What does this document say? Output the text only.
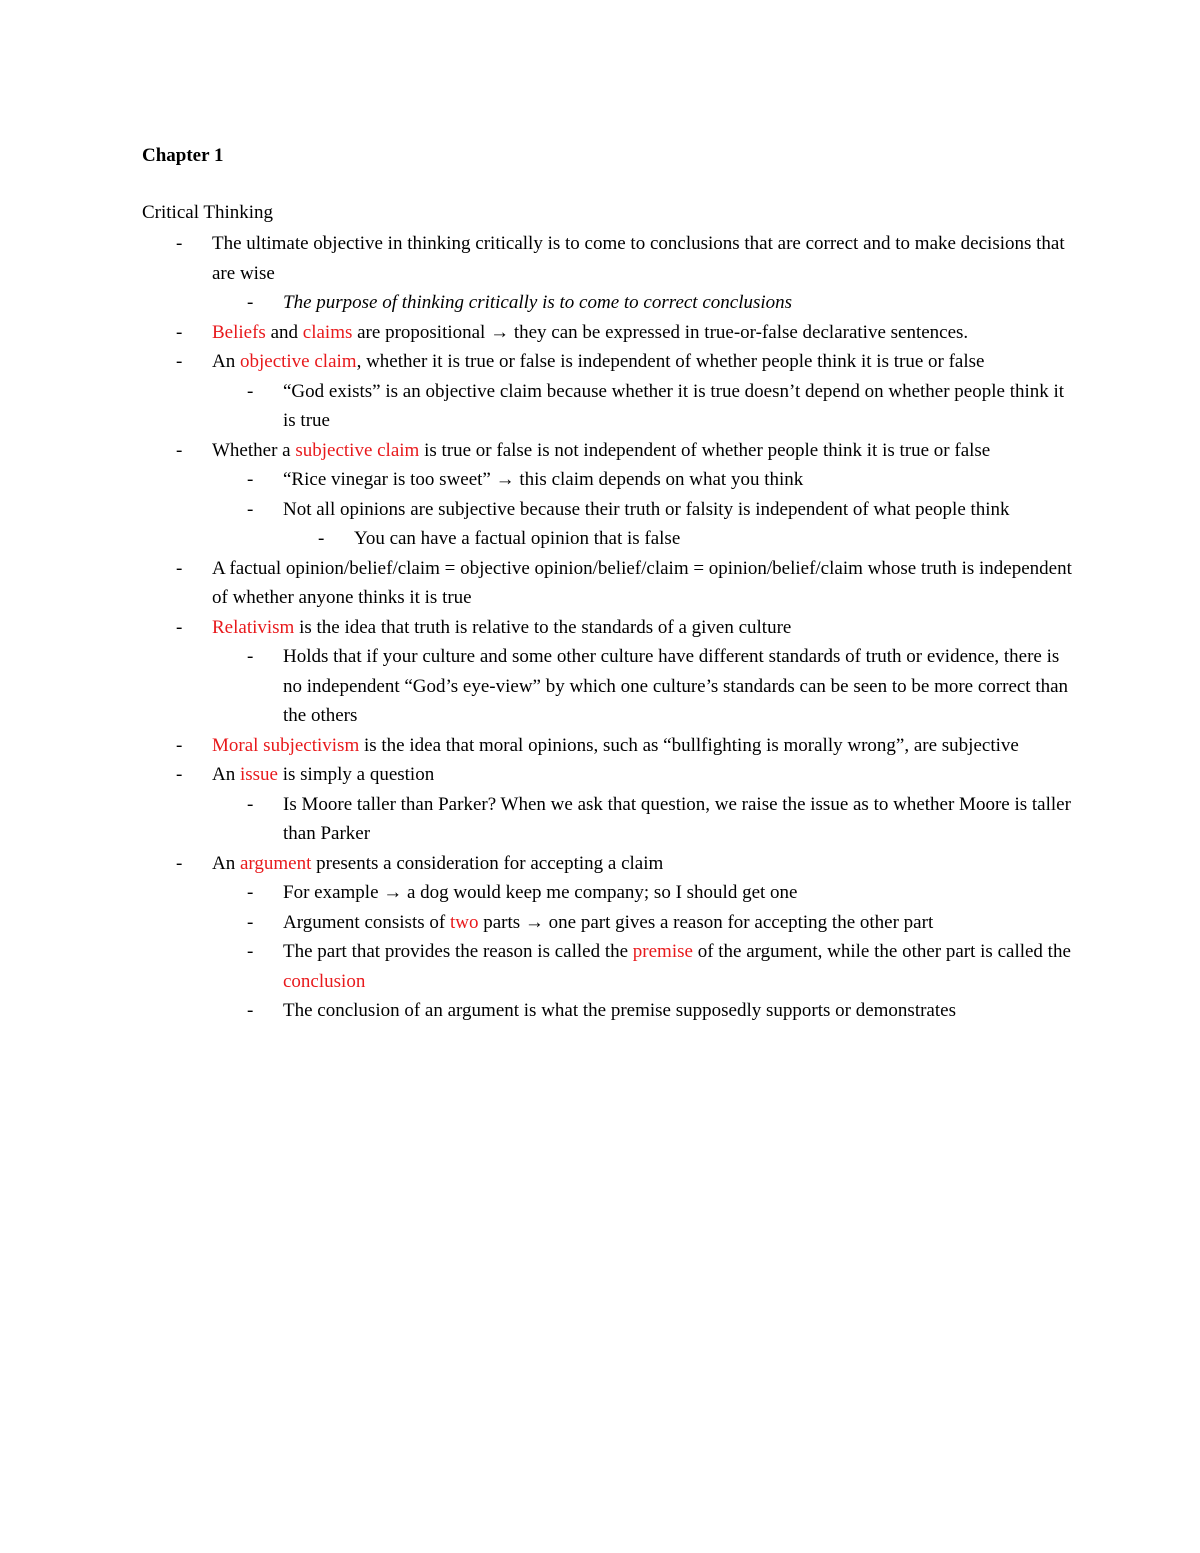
Chapter 1
Critical Thinking
- The ultimate objective in thinking critically is to come to conclusions that are correct and to make decisions that are wise
- The purpose of thinking critically is to come to correct conclusions
- Beliefs and claims are propositional → they can be expressed in true-or-false declarative sentences.
- An objective claim, whether it is true or false is independent of whether people think it is true or false
- “God exists” is an objective claim because whether it is true doesn’t depend on whether people think it is true
- Whether a subjective claim is true or false is not independent of whether people think it is true or false
- “Rice vinegar is too sweet” → this claim depends on what you think
- Not all opinions are subjective because their truth or falsity is independent of what people think
- You can have a factual opinion that is false
- A factual opinion/belief/claim = objective opinion/belief/claim = opinion/belief/claim whose truth is independent of whether anyone thinks it is true
- Relativism is the idea that truth is relative to the standards of a given culture
- Holds that if your culture and some other culture have different standards of truth or evidence, there is no independent “God’s eye-view” by which one culture’s standards can be seen to be more correct than the others
- Moral subjectivism is the idea that moral opinions, such as “bullfighting is morally wrong”, are subjective
- An issue is simply a question
- Is Moore taller than Parker? When we ask that question, we raise the issue as to whether Moore is taller than Parker
- An argument presents a consideration for accepting a claim
- For example → a dog would keep me company; so I should get one
- Argument consists of two parts → one part gives a reason for accepting the other part
- The part that provides the reason is called the premise of the argument, while the other part is called the conclusion
- The conclusion of an argument is what the premise supposedly supports or demonstrates
